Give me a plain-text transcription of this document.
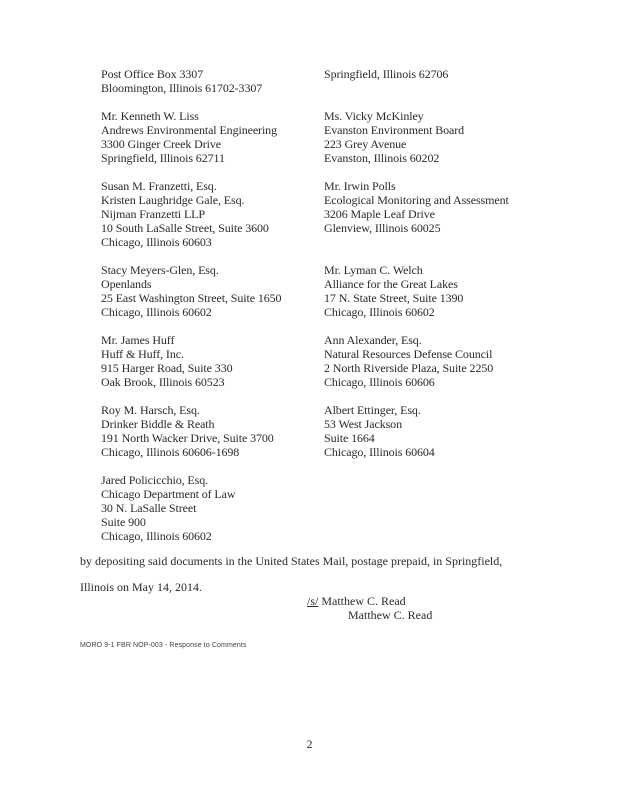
Post Office Box 3307
Bloomington, Illinois 61702-3307
Mr. Kenneth W. Liss
Andrews Environmental Engineering
3300 Ginger Creek Drive
Springfield, Illinois 62711
Susan M. Franzetti, Esq.
Kristen Laughridge Gale, Esq.
Nijman Franzetti LLP
10 South LaSalle Street, Suite 3600
Chicago, Illinois 60603
Stacy Meyers-Glen, Esq.
Openlands
25 East Washington Street, Suite 1650
Chicago, Illinois 60602
Mr. James Huff
Huff & Huff, Inc.
915 Harger Road, Suite 330
Oak Brook, Illinois 60523
Roy M. Harsch, Esq.
Drinker Biddle & Reath
191 North Wacker Drive, Suite 3700
Chicago, Illinois 60606-1698
Jared Policicchio, Esq.
Chicago Department of Law
30 N. LaSalle Street
Suite 900
Chicago, Illinois 60602
Springfield, Illinois 62706
Ms. Vicky McKinley
Evanston Environment Board
223 Grey Avenue
Evanston, Illinois 60202
Mr. Irwin Polls
Ecological Monitoring and Assessment
3206 Maple Leaf Drive
Glenview, Illinois 60025
Mr. Lyman C. Welch
Alliance for the Great Lakes
17 N. State Street, Suite 1390
Chicago, Illinois 60602
Ann Alexander, Esq.
Natural Resources Defense Council
2 North Riverside Plaza, Suite 2250
Chicago, Illinois 60606
Albert Ettinger, Esq.
53 West Jackson
Suite 1664
Chicago, Illinois 60604
by depositing said documents in the United States Mail, postage prepaid, in Springfield,
Illinois on May 14, 2014.
/s/ Matthew C. Read
Matthew C. Read
MORO 9-1 FBR NOP-003 - Response to Comments
2
